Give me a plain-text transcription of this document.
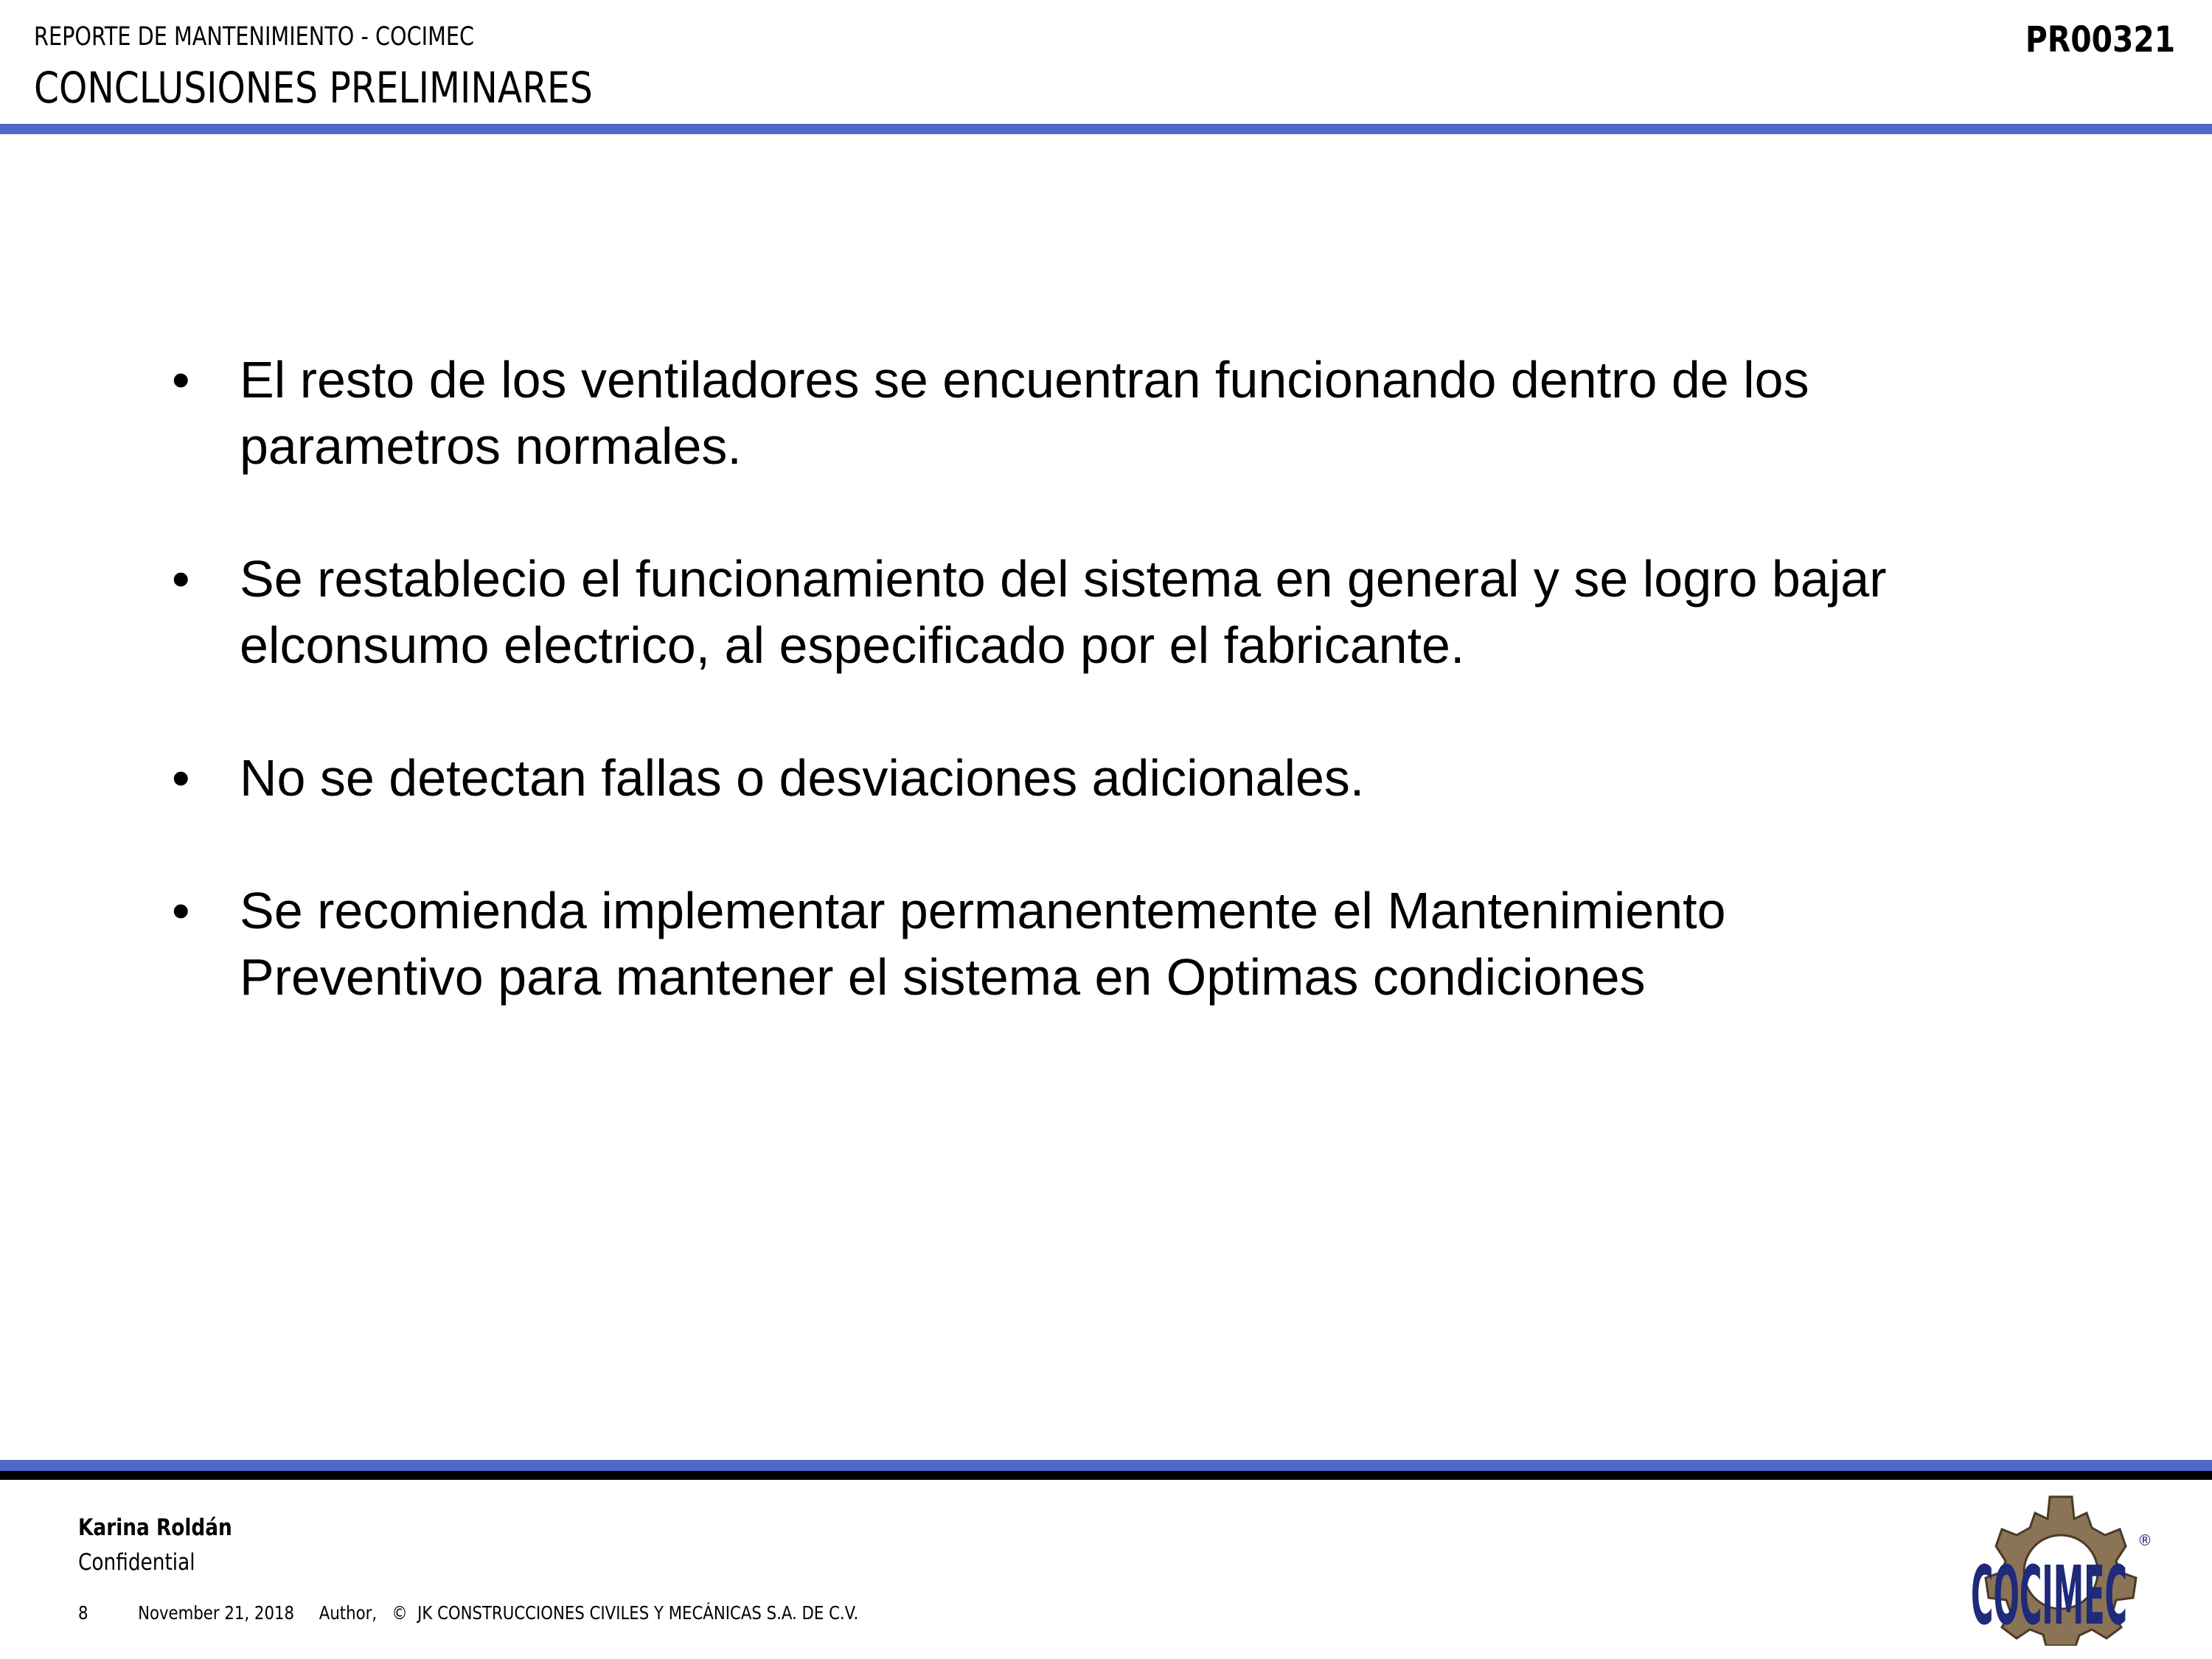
REPORTE DE MANTENIMIENTO - COCIMEC
CONCLUSIONES PRELIMINARES
PR00321
• El resto de los ventiladores se encuentran funcionando dentro de los parametros normales.
• Se restablecio el funcionamiento del sistema en general y se logro bajar elconsumo electrico, al especificado por el fabricante.
• No se detectan fallas o desviaciones adicionales.
• Se recomienda implementar permanentemente el Mantenimiento Preventivo para mantener el sistema en Optimas condiciones
Karina Roldán
Confidential
8	November 21, 2018 Author, ©  JK CONSTRUCCIONES CIVILES Y MECÁNICAS S.A. DE C.V.	COCIMEC
®
